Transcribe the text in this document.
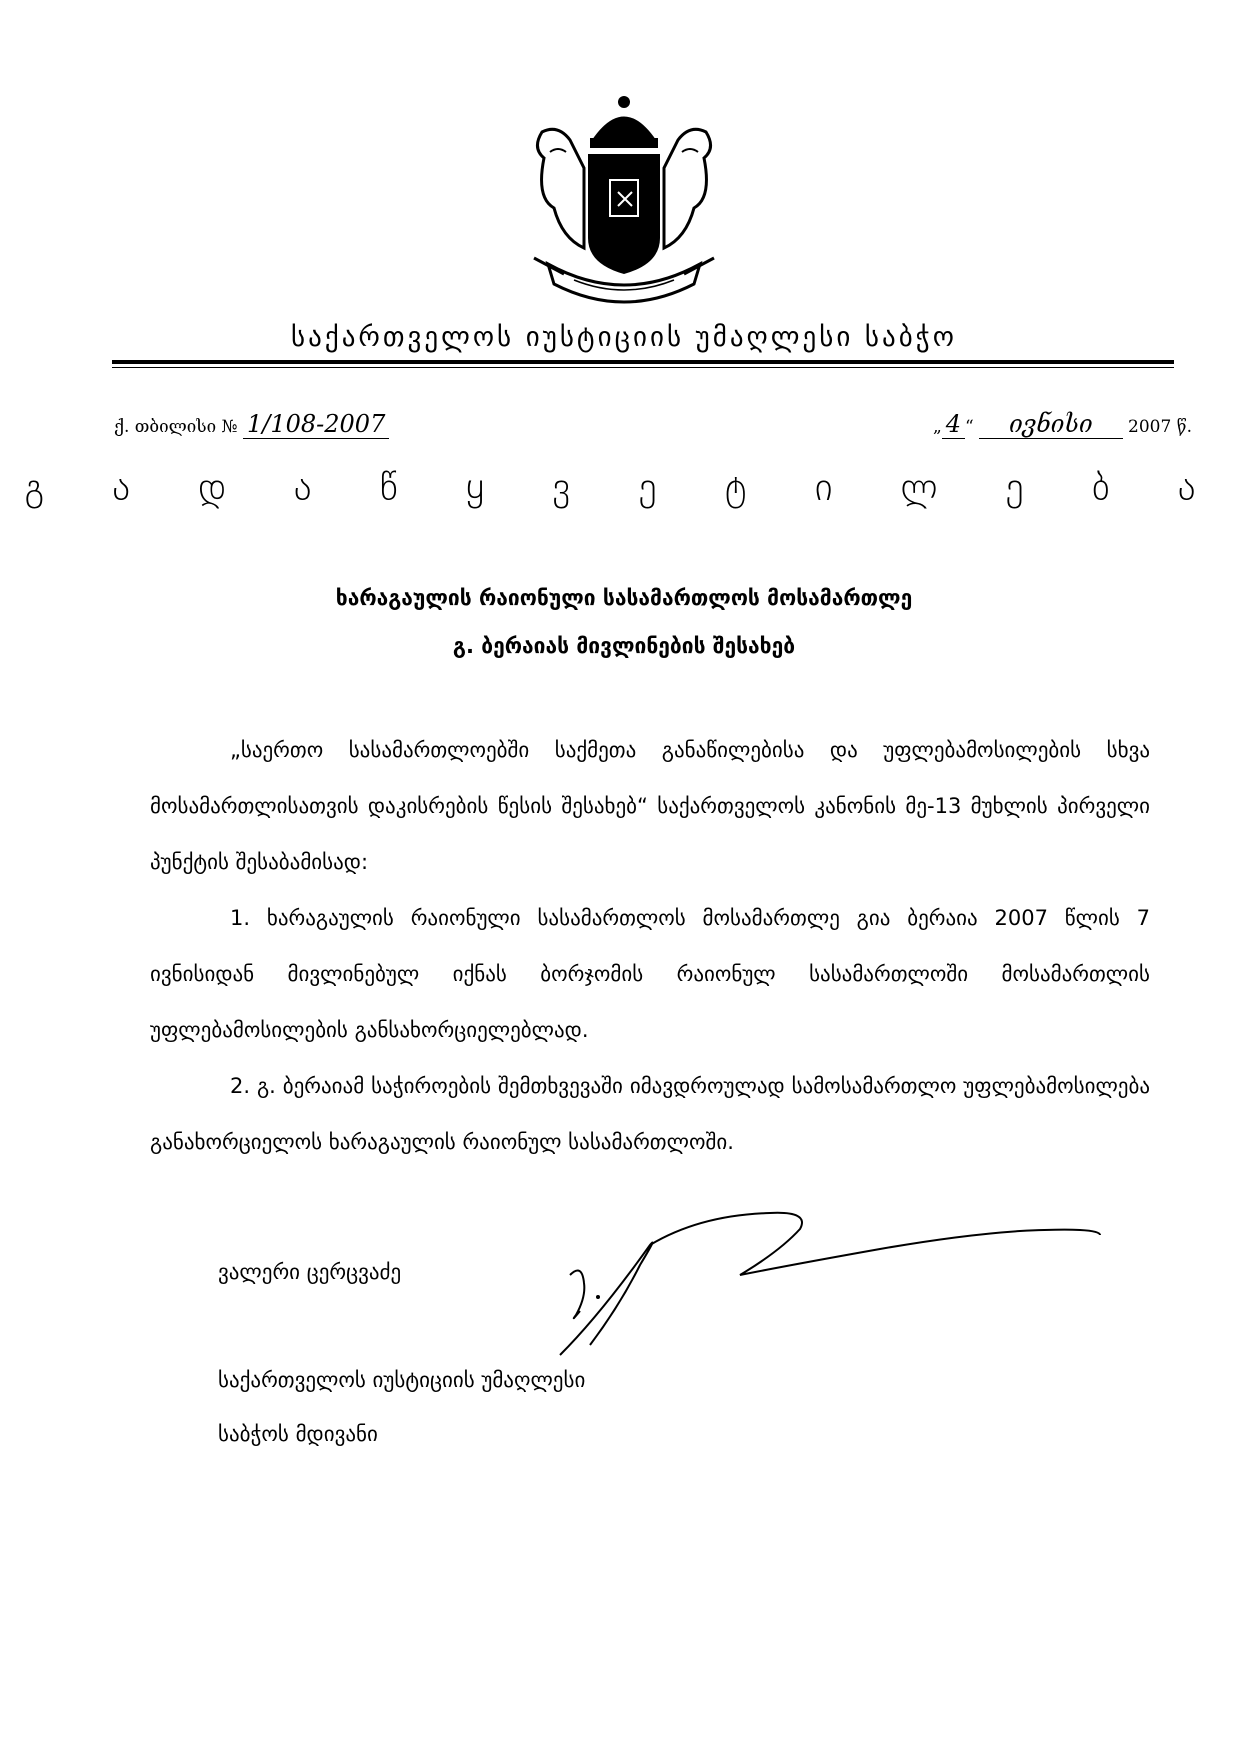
საქართველოს იუსტიციის უმაღლესი საბჭო
ქ. თბილისი № 1/108-2007	„ 4 “ ივნისი 2007 წ.
გ ა დ ა წ ყ ვ ე ტ ი ლ ე ბ ა
ხარაგაულის რაიონული სასამართლოს მოსამართლე
გ. ბერაიას მივლინების შესახებ

„საერთო სასამართლოებში საქმეთა განაწილებისა და უფლებამოსილების სხვა მოსამართლისათვის დაკისრების წესის შესახებ“ საქართველოს კანონის მე-13 მუხლის პირველი პუნქტის შესაბამისად:

1. ხარაგაულის რაიონული სასამართლოს მოსამართლე გია ბერაია 2007 წლის 7 ივნისიდან მივლინებულ იქნას ბორჯომის რაიონულ სასამართლოში მოსამართლის უფლებამოსილების განსახორციელებლად.

2. გ. ბერაიამ საჭიროების შემთხვევაში იმავდროულად სამოსამართლო უფლებამოსილება განახორციელოს ხარაგაულის რაიონულ სასამართლოში.

ვალერი ცერცვაძე
საქართველოს იუსტიციის უმაღლესი
საბჭოს მდივანი
